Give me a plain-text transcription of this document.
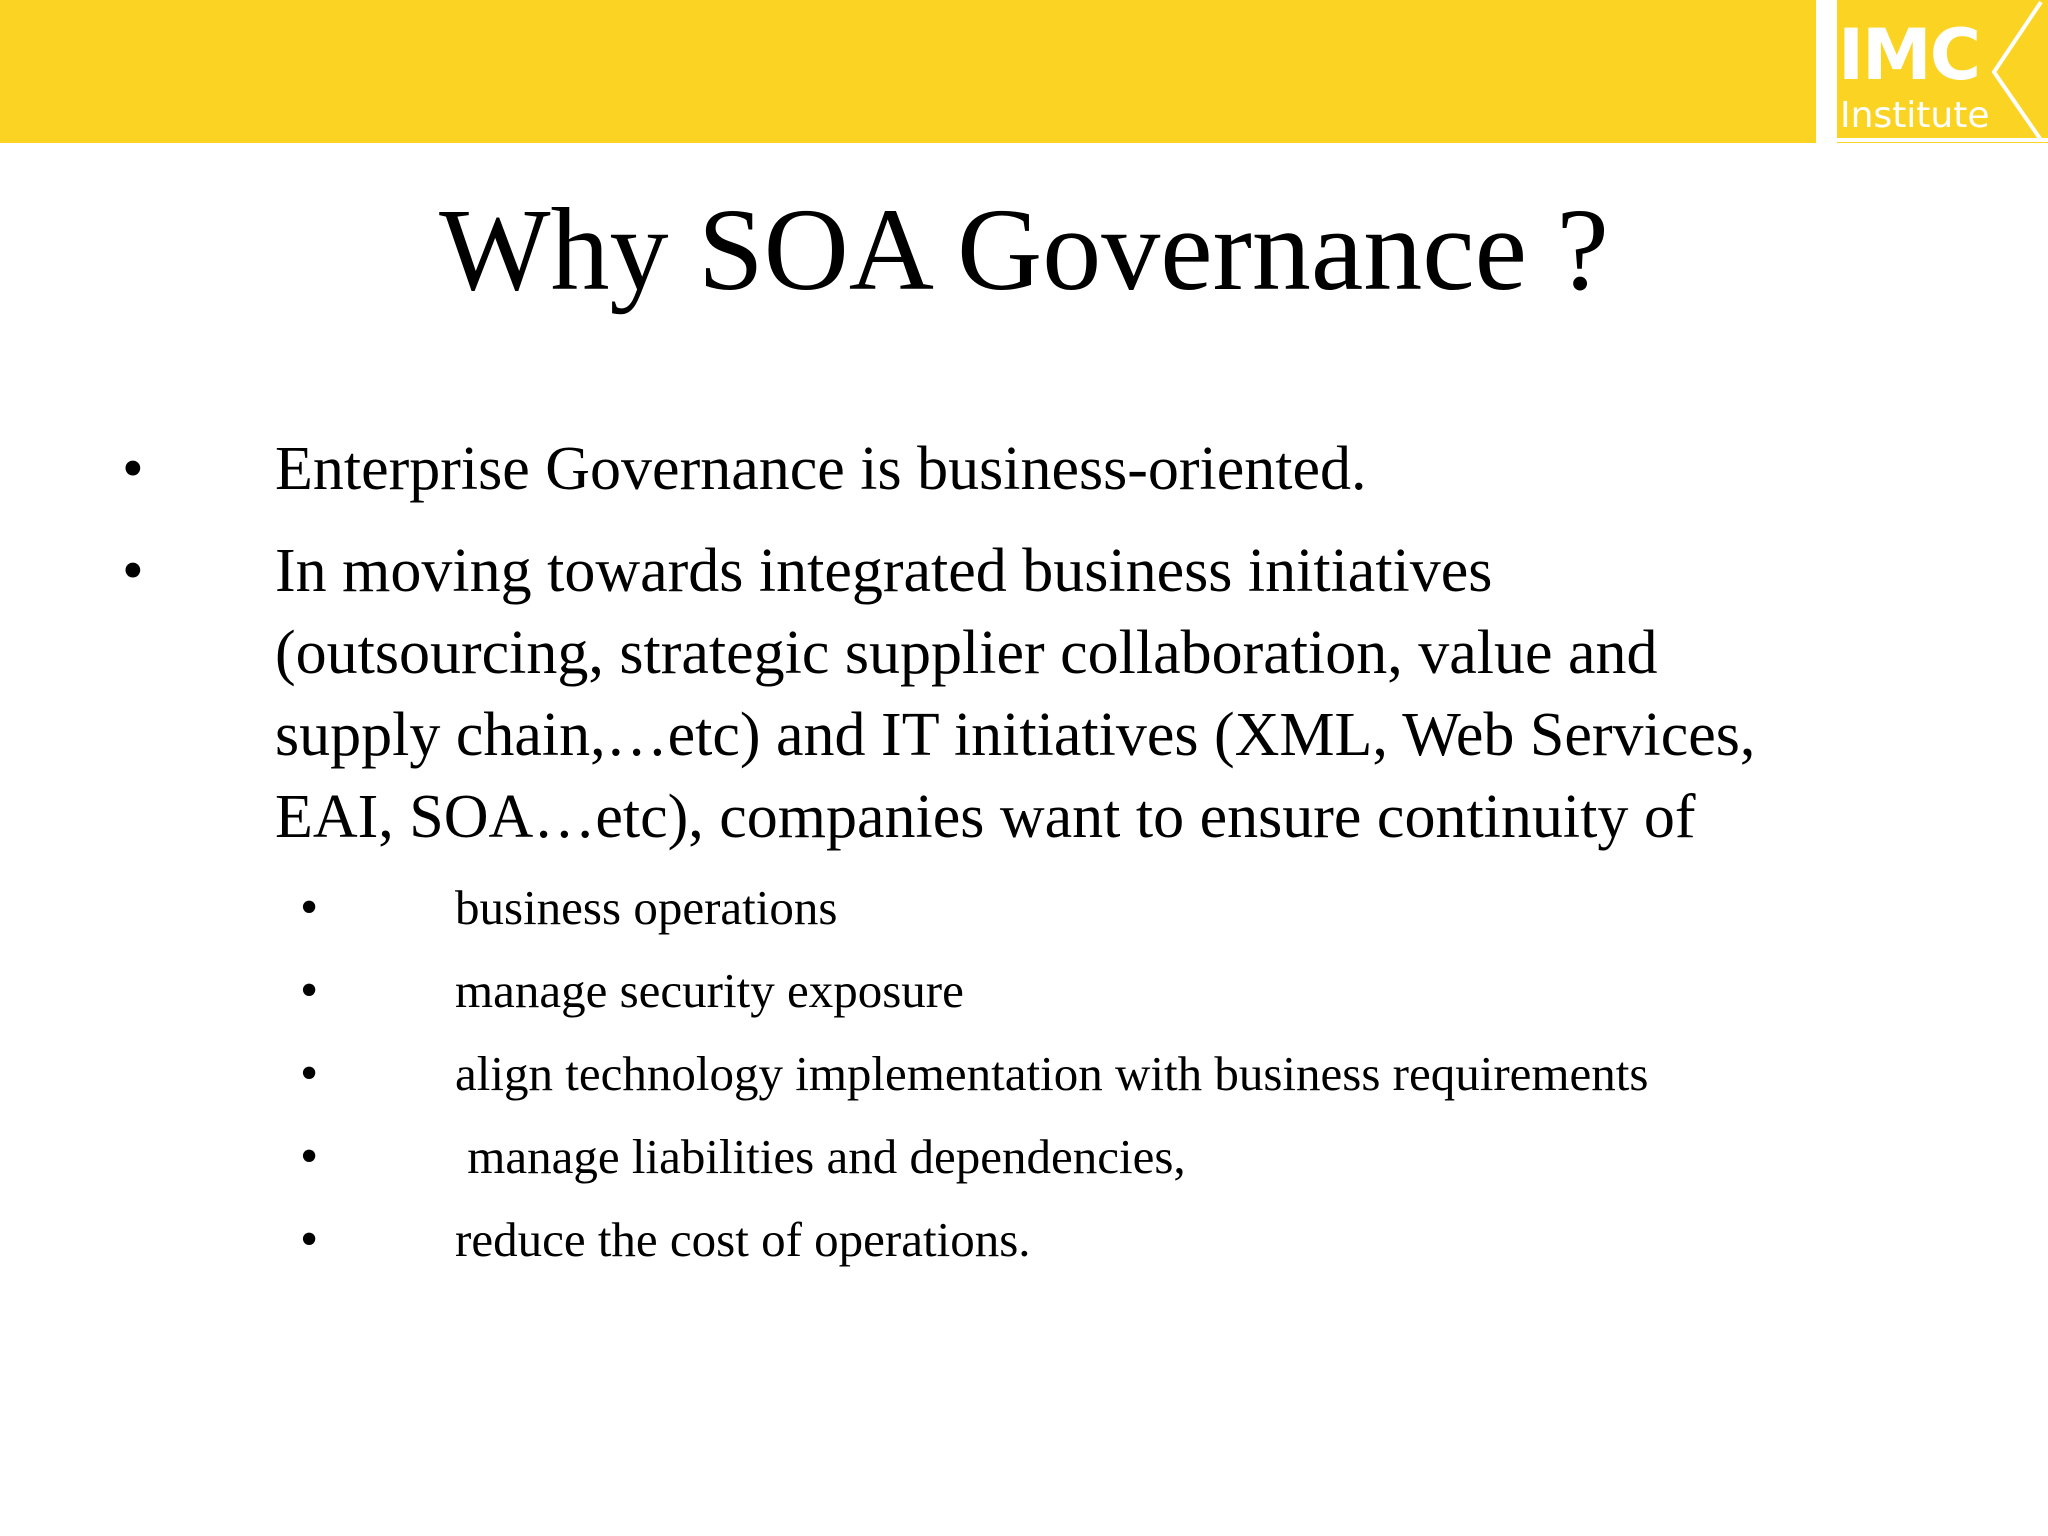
IMC
Institute
Why SOA Governance ?
• Enterprise Governance is business-oriented.
• In moving towards integrated business initiatives
(outsourcing, strategic supplier collaboration, value and
supply chain,…etc) and IT initiatives (XML, Web Services,
EAI, SOA…etc), companies want to ensure continuity of
•	business operations
•	manage security exposure
•	align technology implementation with business requirements
•	manage liabilities and dependencies,
•	reduce the cost of operations.
